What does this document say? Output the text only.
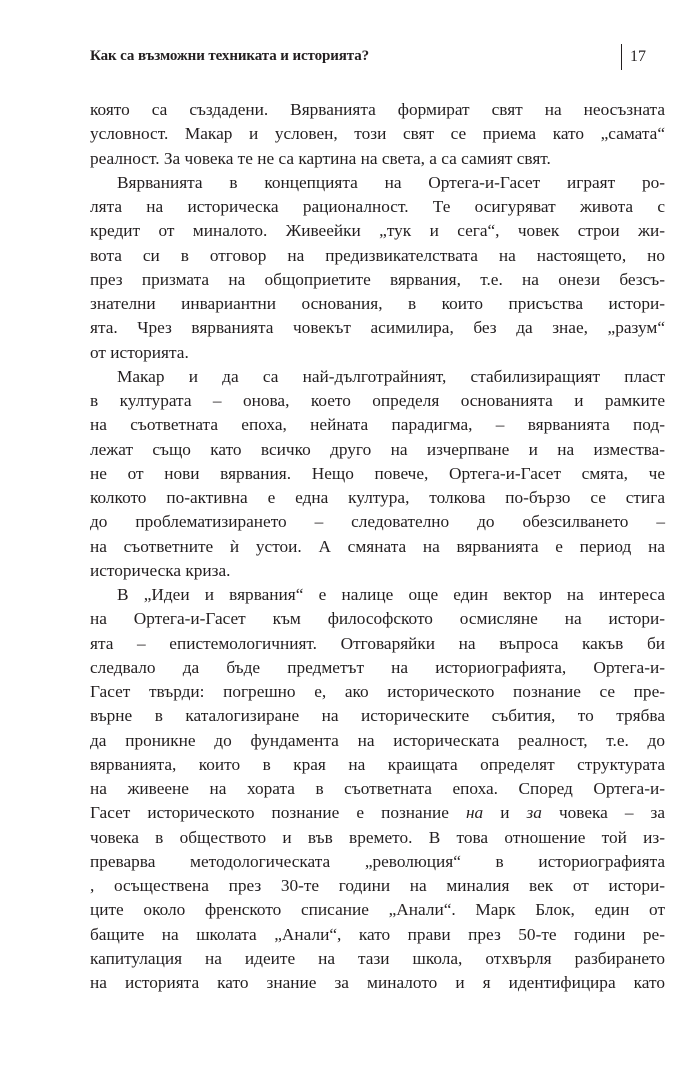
Как са възможни техниката и историята?	17
която са създадени. Вярванията формират свят на неосъзната
условност. Макар и условен, този свят се приема като „самата“
реалност. За човека те не са картина на света, а са самият свят.
Вярванията в концепцията на Ортега-и-Гасет играят ро-
лята на историческа рационалност. Те осигуряват живота с
кредит от миналото. Живеейки „тук и сега“, човек строи жи-
вота си в отговор на предизвикателствата на настоящето, но
през призмата на общоприетите вярвания, т.е. на онези безсъ-
знателни инвариантни основания, в които присъства истори-
ята. Чрез вярванията човекът асимилира, без да знае, „разум“
от историята.
Макар и да са най-дълготрайният, стабилизиращият пласт
в културата – онова, което определя основанията и рамките
на съответната епоха, нейната парадигма, – вярванията под-
лежат също като всичко друго на изчерпване и на измества-
не от нови вярвания. Нещо повече, Ортега-и-Гасет смята, че
колкото по-активна е една култура, толкова по-бързо се стига
до проблематизирането – следователно до обезсилването –
на съответните ѝ устои. А смяната на вярванията е период на
историческа криза.
В „Идеи и вярвания“ е налице още един вектор на интереса
на Ортега-и-Гасет към философското осмисляне на истори-
ята – епистемологичният. Отговаряйки на въпроса какъв би
следвало да бъде предметът на историографията, Ортега-и-
Гасет твърди: погрешно е, ако историческото познание се пре-
върне в каталогизиране на историческите събития, то трябва
да проникне до фундамента на историческата реалност, т.е. до
вярванията, които в края на краищата определят структурата
на живеене на хората в съответната епоха. Според Ортега-и-
Гасет историческото познание е познание на и за човека – за
човека в обществото и във времето. В това отношение той из-
преварва методологическата „революция“ в историографията
, осъществена през 30-те години на миналия век от истори-
ците около френското списание „Анали“. Марк Блок, един от
бащите на школата „Анали“, като прави през 50-те години ре-
капитулация на идеите на тази школа, отхвърля разбирането
на историята като знание за миналото и я идентифицира като
